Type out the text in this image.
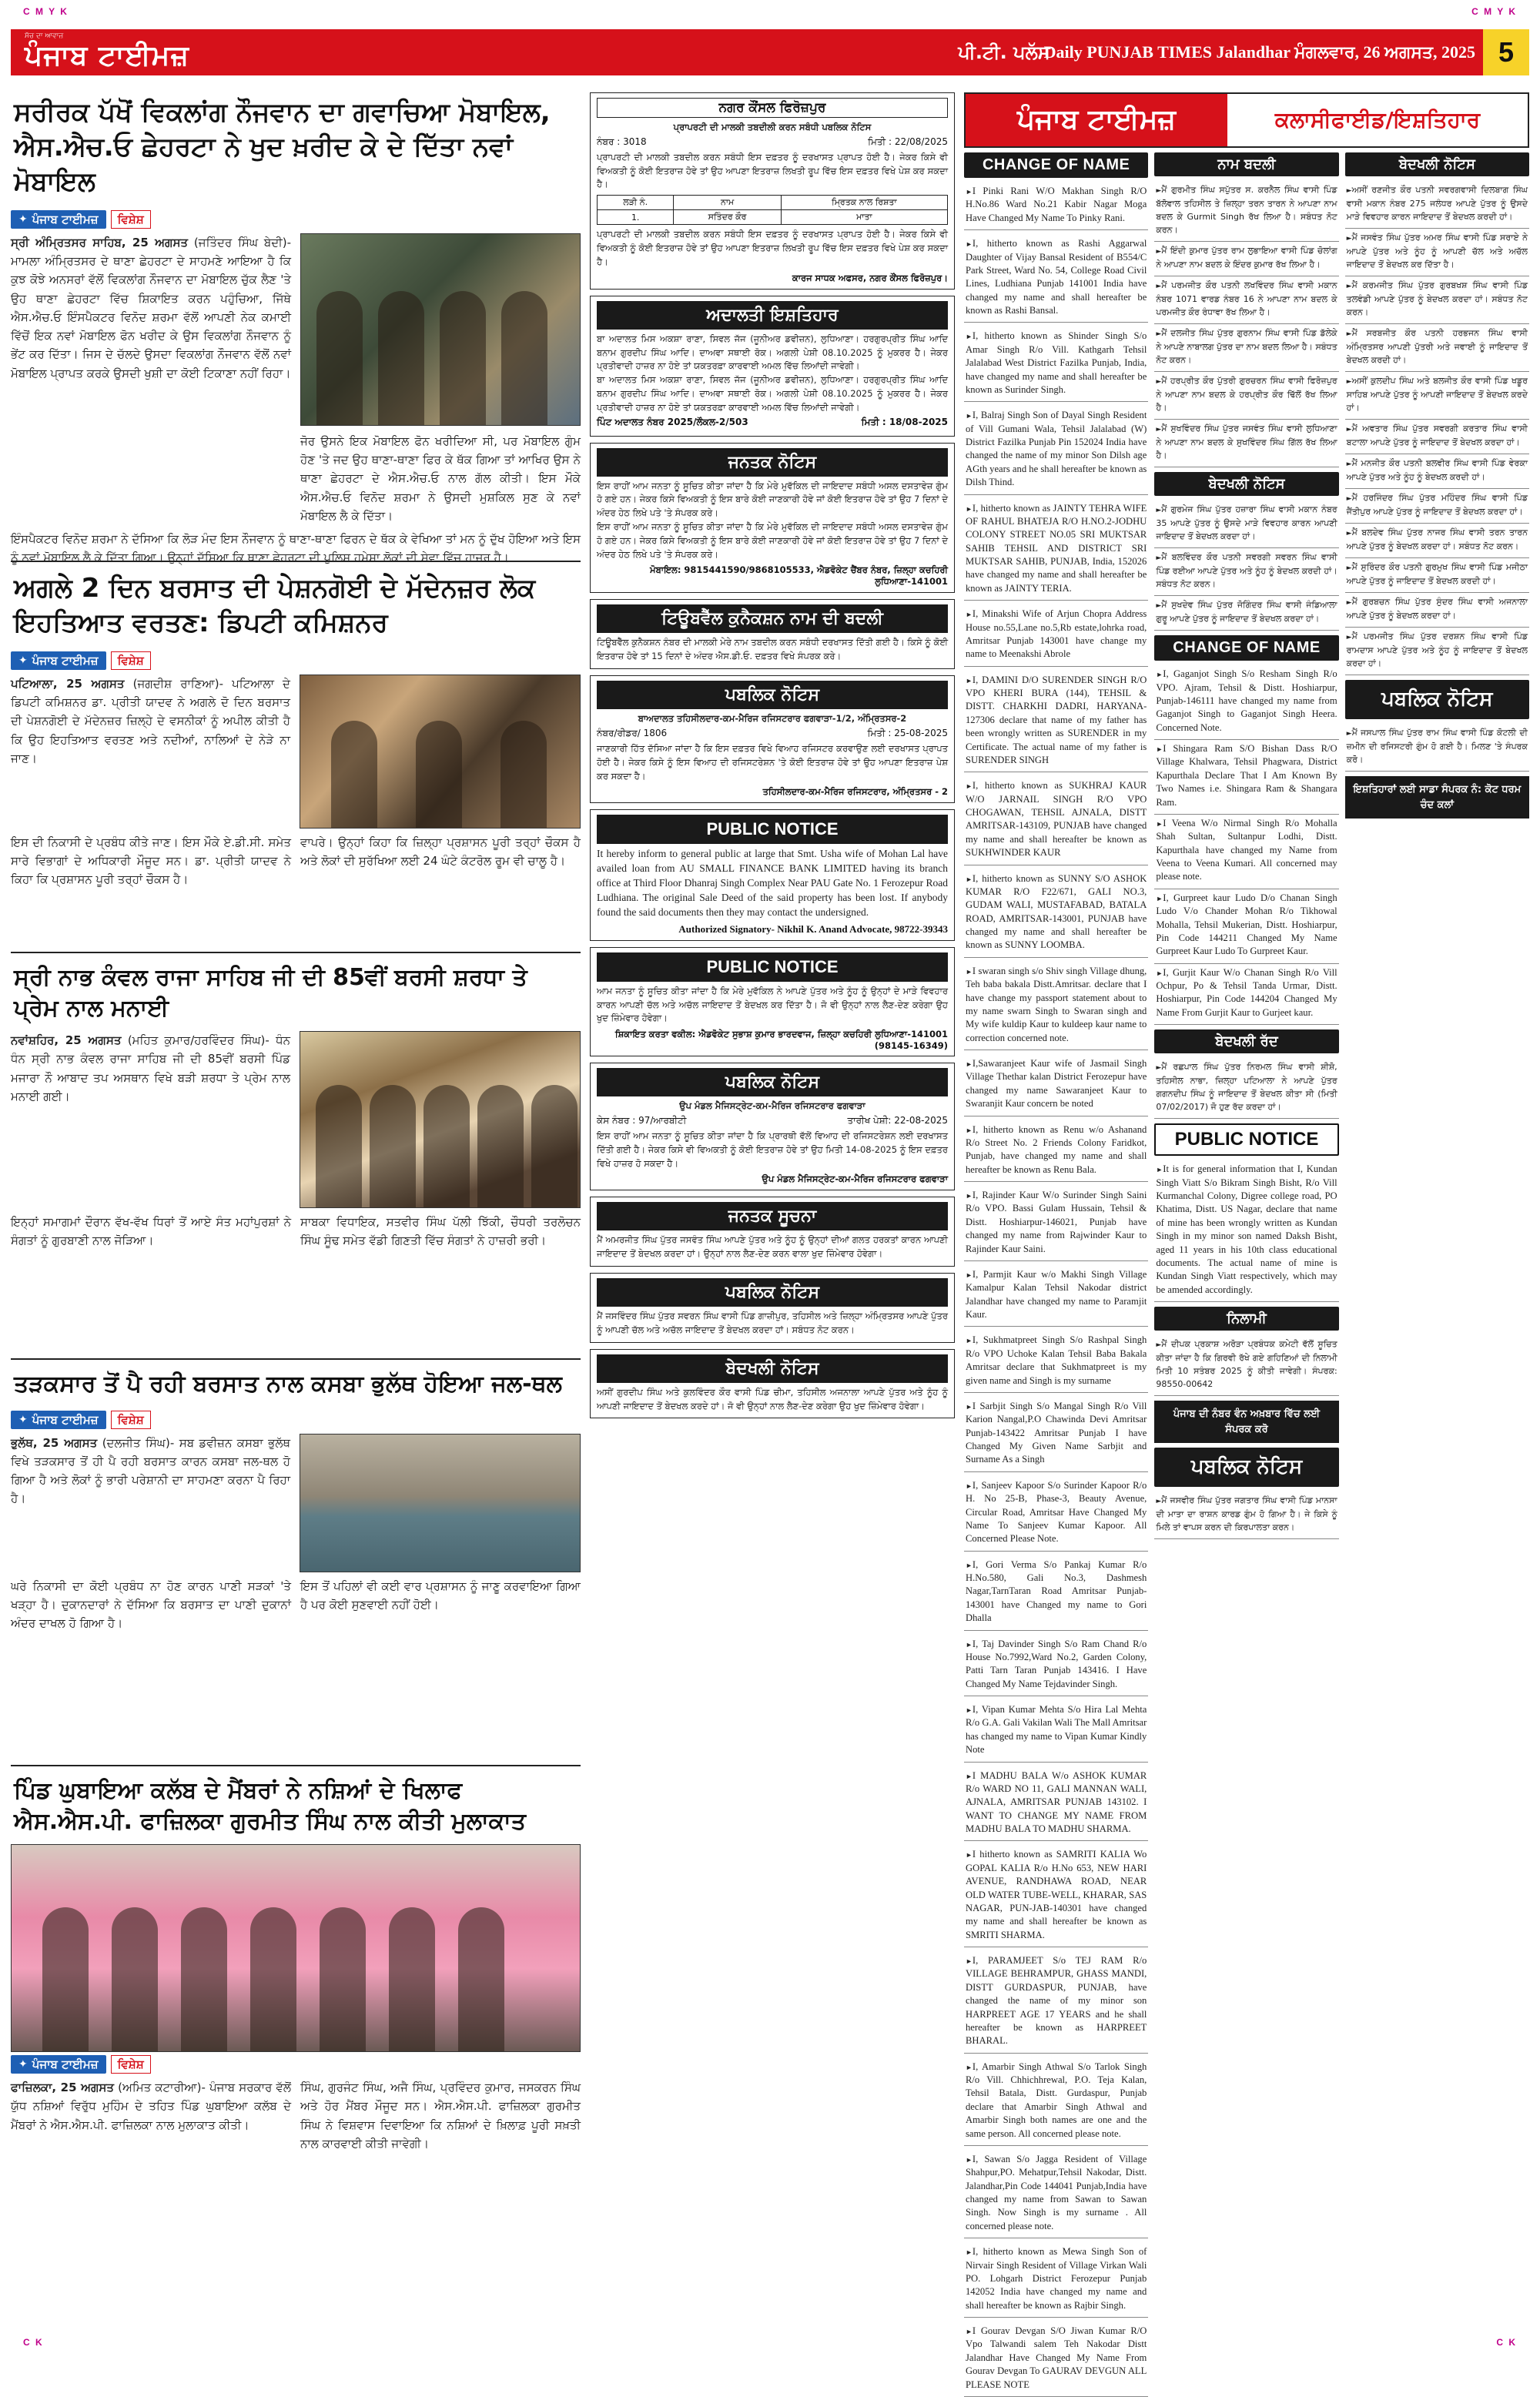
C M Y K	C M Y K
C K	C K
ਸੱਚ ਦਾ ਆਵਾਜ਼
ਪੰਜਾਬ ਟਾਈਮਜ਼	ਪੀ.ਟੀ. ਪਲੱਸ
Daily PUNJAB TIMES Jalandhar ਮੰਗਲਵਾਰ, 26 ਅਗਸਤ, 2025 5
ਸਰੀਰਕ ਪੱਖੋਂ ਵਿਕਲਾਂਗ ਨੌਜਵਾਨ ਦਾ ਗਵਾਚਿਆ ਮੋਬਾਇਲ, ਐਸ.ਐਚ.ਓ ਛੇਹਰਟਾ ਨੇ ਖੁਦ ਖ਼ਰੀਦ ਕੇ ਦੇ ਦਿੱਤਾ ਨਵਾਂ ਮੋਬਾਇਲ
✦ ਪੰਜਾਬ ਟਾਈਮਜ਼	ਵਿਸ਼ੇਸ਼
ਸ੍ਰੀ ਅੰਮ੍ਰਿਤਸਰ ਸਾਹਿਬ, 25 ਅਗਸਤ (ਜਤਿੰਦਰ ਸਿੰਘ ਬੇਦੀ)- ਮਾਮਲਾ ਅੰਮ੍ਰਿਤਸਰ ਦੇ ਥਾਣਾ ਛੇਹਰਟਾ ਦੇ ਸਾਹਮਣੇ ਆਇਆ ਹੈ ਕਿ ਕੁਝ ਕੋਝੇ ਅਨਸਰਾਂ ਵੱਲੋਂ ਵਿਕਲਾਂਗ ਨੌਜਵਾਨ ਦਾ ਮੋਬਾਇਲ ਚੁੱਕ ਲੈਣ 'ਤੇ ਉਹ ਥਾਣਾ ਛੇਹਰਟਾ ਵਿੱਚ ਸ਼ਿਕਾਇਤ ਕਰਨ ਪਹੁੰਚਿਆ, ਜਿੱਥੇ ਐਸ.ਐਚ.ਓ ਇੰਸਪੈਕਟਰ ਵਿਨੋਦ ਸ਼ਰਮਾ ਵੱਲੋਂ ਆਪਣੀ ਨੇਕ ਕਮਾਈ ਵਿੱਚੋਂ ਇਕ ਨਵਾਂ ਮੋਬਾਇਲ ਫੋਨ ਖਰੀਦ ਕੇ ਉਸ ਵਿਕਲਾਂਗ ਨੌਜਵਾਨ ਨੂੰ ਭੇਂਟ ਕਰ ਦਿੱਤਾ। ਜਿਸ ਦੇ ਚੱਲਦੇ ਉਸਦਾ ਵਿਕਲਾਂਗ ਨੌਜਵਾਨ ਵੱਲੋਂ ਨਵਾਂ ਮੋਬਾਇਲ ਪ੍ਰਾਪਤ ਕਰਕੇ ਉਸਦੀ ਖੁਸ਼ੀ ਦਾ ਕੋਈ ਟਿਕਾਣਾ ਨਹੀਂ ਰਿਹਾ।
ਜੋਰ ਉਸਨੇ ਇਕ ਮੋਬਾਇਲ ਫੋਨ ਖਰੀਦਿਆ ਸੀ, ਪਰ ਮੋਬਾਇਲ ਗੁੰਮ ਹੋਣ 'ਤੇ ਜਦ ਉਹ ਥਾਣਾ-ਥਾਣਾ ਫਿਰ ਕੇ ਥੱਕ ਗਿਆ ਤਾਂ ਆਖਿਰ ਉਸ ਨੇ ਥਾਣਾ ਛੇਹਰਟਾ ਦੇ ਐਸ.ਐਚ.ਓ ਨਾਲ ਗੱਲ ਕੀਤੀ। ਇਸ ਮੌਕੇ ਐਸ.ਐਚ.ਓ ਵਿਨੋਦ ਸ਼ਰਮਾ ਨੇ ਉਸਦੀ ਮੁਸ਼ਕਿਲ ਸੁਣ ਕੇ ਨਵਾਂ ਮੋਬਾਇਲ ਲੈ ਕੇ ਦਿੱਤਾ।
ਇੰਸਪੈਕਟਰ ਵਿਨੋਦ ਸ਼ਰਮਾ ਨੇ ਦੱਸਿਆ ਕਿ ਲੋੜ ਮੰਦ ਇਸ ਨੌਜਵਾਨ ਨੂੰ ਥਾਣਾ-ਥਾਣਾ ਫਿਰਨ ਦੇ ਥੱਕ ਕੇ ਵੇਖਿਆ ਤਾਂ ਮਨ ਨੂੰ ਦੁੱਖ ਹੋਇਆ ਅਤੇ ਇਸ ਨੂੰ ਨਵਾਂ ਮੋਬਾਇਲ ਲੈ ਕੇ ਦਿੱਤਾ ਗਿਆ। ਉਨ੍ਹਾਂ ਦੱਸਿਆ ਕਿ ਥਾਣਾ ਛੇਹਰਟਾ ਦੀ ਪੁਲਿਸ ਹਮੇਸ਼ਾ ਲੋਕਾਂ ਦੀ ਸੇਵਾ ਵਿੱਚ ਹਾਜ਼ਰ ਹੈ।
ਅਗਲੇ 2 ਦਿਨ ਬਰਸਾਤ ਦੀ ਪੇਸ਼ਨਗੋਈ ਦੇ ਮੱਦੇਨਜ਼ਰ ਲੋਕ ਇਹਤਿਆਤ ਵਰਤਣ: ਡਿਪਟੀ ਕਮਿਸ਼ਨਰ
✦ ਪੰਜਾਬ ਟਾਈਮਜ਼	ਵਿਸ਼ੇਸ਼
ਪਟਿਆਲਾ, 25 ਅਗਸਤ (ਜਗਦੀਸ਼ ਰਾਣਿਆ)- ਪਟਿਆਲਾ ਦੇ ਡਿਪਟੀ ਕਮਿਸ਼ਨਰ ਡਾ. ਪ੍ਰੀਤੀ ਯਾਦਵ ਨੇ ਅਗਲੇ ਦੋ ਦਿਨ ਬਰਸਾਤ ਦੀ ਪੇਸ਼ਨਗੋਈ ਦੇ ਮੱਦੇਨਜ਼ਰ ਜ਼ਿਲ੍ਹੇ ਦੇ ਵਸਨੀਕਾਂ ਨੂੰ ਅਪੀਲ ਕੀਤੀ ਹੈ ਕਿ ਉਹ ਇਹਤਿਆਤ ਵਰਤਣ ਅਤੇ ਨਦੀਆਂ, ਨਾਲਿਆਂ ਦੇ ਨੇੜੇ ਨਾ ਜਾਣ।
ਇਸ ਦੀ ਨਿਕਾਸੀ ਦੇ ਪ੍ਰਬੰਧ ਕੀਤੇ ਜਾਣ। ਇਸ ਮੌਕੇ ਏ.ਡੀ.ਸੀ. ਸਮੇਤ ਸਾਰੇ ਵਿਭਾਗਾਂ ਦੇ ਅਧਿਕਾਰੀ ਮੌਜੂਦ ਸਨ। ਡਾ. ਪ੍ਰੀਤੀ ਯਾਦਵ ਨੇ ਕਿਹਾ ਕਿ ਪ੍ਰਸ਼ਾਸਨ ਪੂਰੀ ਤਰ੍ਹਾਂ ਚੌਕਸ ਹੈ।
ਵਾਪਰੇ। ਉਨ੍ਹਾਂ ਕਿਹਾ ਕਿ ਜ਼ਿਲ੍ਹਾ ਪ੍ਰਸ਼ਾਸਨ ਪੂਰੀ ਤਰ੍ਹਾਂ ਚੌਕਸ ਹੈ ਅਤੇ ਲੋਕਾਂ ਦੀ ਸੁਰੱਖਿਆ ਲਈ 24 ਘੰਟੇ ਕੰਟਰੋਲ ਰੂਮ ਵੀ ਚਾਲੂ ਹੈ।
ਸ੍ਰੀ ਨਾਭ ਕੰਵਲ ਰਾਜਾ ਸਾਹਿਬ ਜੀ ਦੀ 85ਵੀਂ ਬਰਸੀ ਸ਼ਰਧਾ ਤੇ ਪ੍ਰੇਮ ਨਾਲ ਮਨਾਈ
ਨਵਾਂਸ਼ਹਿਰ, 25 ਅਗਸਤ (ਮਹਿਤ ਕੁਮਾਰ/ਹਰਵਿੰਦਰ ਸਿੰਘ)- ਧੰਨ ਧੰਨ ਸ੍ਰੀ ਨਾਭ ਕੰਵਲ ਰਾਜਾ ਸਾਹਿਬ ਜੀ ਦੀ 85ਵੀਂ ਬਰਸੀ ਪਿੰਡ ਮਜਾਰਾ ਨੌ ਆਬਾਦ ਤਪ ਅਸਥਾਨ ਵਿਖੇ ਬੜੀ ਸ਼ਰਧਾ ਤੇ ਪ੍ਰੇਮ ਨਾਲ ਮਨਾਈ ਗਈ।
ਇਨ੍ਹਾਂ ਸਮਾਗਮਾਂ ਦੌਰਾਨ ਵੱਖ-ਵੱਖ ਧਿਰਾਂ ਤੋਂ ਆਏ ਸੰਤ ਮਹਾਂਪੁਰਸ਼ਾਂ ਨੇ ਸੰਗਤਾਂ ਨੂੰ ਗੁਰਬਾਣੀ ਨਾਲ ਜੋੜਿਆ।
ਸਾਬਕਾ ਵਿਧਾਇਕ, ਸਤਵੀਰ ਸਿੰਘ ਪੱਲੀ ਝਿੱਕੀ, ਚੌਧਰੀ ਤਰਲੋਚਨ ਸਿੰਘ ਸੂੰਢ ਸਮੇਤ ਵੱਡੀ ਗਿਣਤੀ ਵਿੱਚ ਸੰਗਤਾਂ ਨੇ ਹਾਜ਼ਰੀ ਭਰੀ।
ਤੜਕਸਾਰ ਤੋਂ ਪੈ ਰਹੀ ਬਰਸਾਤ ਨਾਲ ਕਸਬਾ ਭੁਲੱਥ ਹੋਇਆ ਜਲ-ਥਲ
✦ ਪੰਜਾਬ ਟਾਈਮਜ਼	ਵਿਸ਼ੇਸ਼
ਭੁਲੱਥ, 25 ਅਗਸਤ (ਦਲਜੀਤ ਸਿੰਘ)- ਸਬ ਡਵੀਜ਼ਨ ਕਸਬਾ ਭੁਲੱਥ ਵਿਖੇ ਤੜਕਸਾਰ ਤੋਂ ਹੀ ਪੈ ਰਹੀ ਬਰਸਾਤ ਕਾਰਨ ਕਸਬਾ ਜਲ-ਥਲ ਹੋ ਗਿਆ ਹੈ ਅਤੇ ਲੋਕਾਂ ਨੂੰ ਭਾਰੀ ਪਰੇਸ਼ਾਨੀ ਦਾ ਸਾਹਮਣਾ ਕਰਨਾ ਪੈ ਰਿਹਾ ਹੈ।
ਘਰੇ ਨਿਕਾਸੀ ਦਾ ਕੋਈ ਪ੍ਰਬੰਧ ਨਾ ਹੋਣ ਕਾਰਨ ਪਾਣੀ ਸੜਕਾਂ 'ਤੇ ਖੜ੍ਹਾ ਹੈ। ਦੁਕਾਨਦਾਰਾਂ ਨੇ ਦੱਸਿਆ ਕਿ ਬਰਸਾਤ ਦਾ ਪਾਣੀ ਦੁਕਾਨਾਂ ਅੰਦਰ ਦਾਖਲ ਹੋ ਗਿਆ ਹੈ।
ਇਸ ਤੋਂ ਪਹਿਲਾਂ ਵੀ ਕਈ ਵਾਰ ਪ੍ਰਸ਼ਾਸਨ ਨੂੰ ਜਾਣੂ ਕਰਵਾਇਆ ਗਿਆ ਹੈ ਪਰ ਕੋਈ ਸੁਣਵਾਈ ਨਹੀਂ ਹੋਈ।
ਪਿੰਡ ਘੁਬਾਇਆ ਕਲੱਬ ਦੇ ਮੈਂਬਰਾਂ ਨੇ ਨਸ਼ਿਆਂ ਦੇ ਖਿਲਾਫ ਐਸ.ਐਸ.ਪੀ. ਫਾਜ਼ਿਲਕਾ ਗੁਰਮੀਤ ਸਿੰਘ ਨਾਲ ਕੀਤੀ ਮੁਲਾਕਾਤ
✦ ਪੰਜਾਬ ਟਾਈਮਜ਼	ਵਿਸ਼ੇਸ਼
ਫਾਜ਼ਿਲਕਾ, 25 ਅਗਸਤ (ਅਮਿਤ ਕਟਾਰੀਆ)- ਪੰਜਾਬ ਸਰਕਾਰ ਵੱਲੋਂ ਯੁੱਧ ਨਸ਼ਿਆਂ ਵਿਰੁੱਧ ਮੁਹਿੰਮ ਦੇ ਤਹਿਤ ਪਿੰਡ ਘੁਬਾਇਆ ਕਲੱਬ ਦੇ ਮੈਂਬਰਾਂ ਨੇ ਐਸ.ਐਸ.ਪੀ. ਫਾਜ਼ਿਲਕਾ ਨਾਲ ਮੁਲਾਕਾਤ ਕੀਤੀ।
ਸਿੰਘ, ਗੁਰਜੰਟ ਸਿੰਘ, ਅਜੈ ਸਿੰਘ, ਪ੍ਰਵਿੰਦਰ ਕੁਮਾਰ, ਜਸਕਰਨ ਸਿੰਘ ਅਤੇ ਹੋਰ ਮੈਂਬਰ ਮੌਜੂਦ ਸਨ। ਐਸ.ਐਸ.ਪੀ. ਫਾਜ਼ਿਲਕਾ ਗੁਰਮੀਤ ਸਿੰਘ ਨੇ ਵਿਸ਼ਵਾਸ ਦਿਵਾਇਆ ਕਿ ਨਸ਼ਿਆਂ ਦੇ ਖ਼ਿਲਾਫ਼ ਪੂਰੀ ਸਖ਼ਤੀ ਨਾਲ ਕਾਰਵਾਈ ਕੀਤੀ ਜਾਵੇਗੀ।
ਨਗਰ ਕੌਂਸਲ ਫਿਰੋਜ਼ਪੁਰ
ਪ੍ਰਾਪਰਟੀ ਦੀ ਮਾਲਕੀ ਤਬਦੀਲੀ ਕਰਨ ਸਬੰਧੀ ਪਬਲਿਕ ਨੋਟਿਸ
ਨੰਬਰ : 3018	ਮਿਤੀ : 22/08/2025
ਪ੍ਰਾਪਰਟੀ ਦੀ ਮਾਲਕੀ ਤਬਦੀਲ ਕਰਨ ਸਬੰਧੀ ਇਸ ਦਫ਼ਤਰ ਨੂੰ ਦਰਖਾਸਤ ਪ੍ਰਾਪਤ ਹੋਈ ਹੈ। ਜੇਕਰ ਕਿਸੇ ਵੀ ਵਿਅਕਤੀ ਨੂੰ ਕੋਈ ਇਤਰਾਜ਼ ਹੋਵੇ ਤਾਂ ਉਹ ਆਪਣਾ ਇਤਰਾਜ਼ ਲਿਖਤੀ ਰੂਪ ਵਿੱਚ ਇਸ ਦਫ਼ਤਰ ਵਿਖੇ ਪੇਸ਼ ਕਰ ਸਕਦਾ ਹੈ।
ਲੜੀ ਨੰ.	ਨਾਮ	ਮ੍ਰਿਤਕ ਨਾਲ ਰਿਸ਼ਤਾ
1.	ਸਤਿੰਦਰ ਕੌਰ	ਮਾਤਾ
ਪ੍ਰਾਪਰਟੀ ਦੀ ਮਾਲਕੀ ਤਬਦੀਲ ਕਰਨ ਸਬੰਧੀ ਇਸ ਦਫ਼ਤਰ ਨੂੰ ਦਰਖਾਸਤ ਪ੍ਰਾਪਤ ਹੋਈ ਹੈ। ਜੇਕਰ ਕਿਸੇ ਵੀ ਵਿਅਕਤੀ ਨੂੰ ਕੋਈ ਇਤਰਾਜ਼ ਹੋਵੇ ਤਾਂ ਉਹ ਆਪਣਾ ਇਤਰਾਜ਼ ਲਿਖਤੀ ਰੂਪ ਵਿੱਚ ਇਸ ਦਫ਼ਤਰ ਵਿਖੇ ਪੇਸ਼ ਕਰ ਸਕਦਾ ਹੈ।
ਕਾਰਜ ਸਾਧਕ ਅਫਸਰ, ਨਗਰ ਕੌਂਸਲ ਫਿਰੋਜ਼ਪੁਰ।
ਅਦਾਲਤੀ ਇਸ਼ਤਿਹਾਰ
ਬਾ ਅਦਾਲਤ ਮਿਸ ਅਕਸ਼ਾ ਰਾਣਾ, ਸਿਵਲ ਜੱਜ (ਜੂਨੀਅਰ ਡਵੀਜ਼ਨ), ਲੁਧਿਆਣਾ। ਹਰਗੁਰਪ੍ਰੀਤ ਸਿੰਘ ਆਦਿ ਬਨਾਮ ਗੁਰਦੀਪ ਸਿੰਘ ਆਦਿ। ਦਾਅਵਾ ਸਥਾਈ ਰੋਕ। ਅਗਲੀ ਪੇਸ਼ੀ 08.10.2025 ਨੂੰ ਮੁਕਰਰ ਹੈ। ਜੇਕਰ ਪ੍ਰਤੀਵਾਦੀ ਹਾਜ਼ਰ ਨਾ ਹੋਏ ਤਾਂ ਯਕਤਰਫ਼ਾ ਕਾਰਵਾਈ ਅਮਲ ਵਿੱਚ ਲਿਆਂਦੀ ਜਾਵੇਗੀ।
ਬਾ ਅਦਾਲਤ ਮਿਸ ਅਕਸ਼ਾ ਰਾਣਾ, ਸਿਵਲ ਜੱਜ (ਜੂਨੀਅਰ ਡਵੀਜ਼ਨ), ਲੁਧਿਆਣਾ। ਹਰਗੁਰਪ੍ਰੀਤ ਸਿੰਘ ਆਦਿ ਬਨਾਮ ਗੁਰਦੀਪ ਸਿੰਘ ਆਦਿ। ਦਾਅਵਾ ਸਥਾਈ ਰੋਕ। ਅਗਲੀ ਪੇਸ਼ੀ 08.10.2025 ਨੂੰ ਮੁਕਰਰ ਹੈ। ਜੇਕਰ ਪ੍ਰਤੀਵਾਦੀ ਹਾਜ਼ਰ ਨਾ ਹੋਏ ਤਾਂ ਯਕਤਰਫ਼ਾ ਕਾਰਵਾਈ ਅਮਲ ਵਿੱਚ ਲਿਆਂਦੀ ਜਾਵੇਗੀ।
ਪਿੰਟ ਅਦਾਲਤ ਨੰਬਰ 2025/ਲੌਕਲ-2/503	ਮਿਤੀ : 18/08-2025
ਜਨਤਕ ਨੋਟਿਸ
ਇਸ ਰਾਹੀਂ ਆਮ ਜਨਤਾ ਨੂੰ ਸੂਚਿਤ ਕੀਤਾ ਜਾਂਦਾ ਹੈ ਕਿ ਮੇਰੇ ਮੁਵੱਕਿਲ ਦੀ ਜਾਇਦਾਦ ਸਬੰਧੀ ਅਸਲ ਦਸਤਾਵੇਜ਼ ਗੁੰਮ ਹੋ ਗਏ ਹਨ। ਜੇਕਰ ਕਿਸੇ ਵਿਅਕਤੀ ਨੂੰ ਇਸ ਬਾਰੇ ਕੋਈ ਜਾਣਕਾਰੀ ਹੋਵੇ ਜਾਂ ਕੋਈ ਇਤਰਾਜ਼ ਹੋਵੇ ਤਾਂ ਉਹ 7 ਦਿਨਾਂ ਦੇ ਅੰਦਰ ਹੇਠ ਲਿਖੇ ਪਤੇ 'ਤੇ ਸੰਪਰਕ ਕਰੇ।
ਇਸ ਰਾਹੀਂ ਆਮ ਜਨਤਾ ਨੂੰ ਸੂਚਿਤ ਕੀਤਾ ਜਾਂਦਾ ਹੈ ਕਿ ਮੇਰੇ ਮੁਵੱਕਿਲ ਦੀ ਜਾਇਦਾਦ ਸਬੰਧੀ ਅਸਲ ਦਸਤਾਵੇਜ਼ ਗੁੰਮ ਹੋ ਗਏ ਹਨ। ਜੇਕਰ ਕਿਸੇ ਵਿਅਕਤੀ ਨੂੰ ਇਸ ਬਾਰੇ ਕੋਈ ਜਾਣਕਾਰੀ ਹੋਵੇ ਜਾਂ ਕੋਈ ਇਤਰਾਜ਼ ਹੋਵੇ ਤਾਂ ਉਹ 7 ਦਿਨਾਂ ਦੇ ਅੰਦਰ ਹੇਠ ਲਿਖੇ ਪਤੇ 'ਤੇ ਸੰਪਰਕ ਕਰੇ।
ਮੋਬਾਇਲ: 9815441590/9868105533, ਐਡਵੋਕੇਟ ਚੈਂਬਰ ਨੰਬਰ, ਜ਼ਿਲ੍ਹਾ ਕਚਹਿਰੀ ਲੁਧਿਆਣਾ-141001
ਟਿਊਬਵੈੱਲ ਕੁਨੈਕਸ਼ਨ ਨਾਮ ਦੀ ਬਦਲੀ
ਟਿਊਬਵੈੱਲ ਕੁਨੈਕਸ਼ਨ ਨੰਬਰ ਦੀ ਮਾਲਕੀ ਮੇਰੇ ਨਾਮ ਤਬਦੀਲ ਕਰਨ ਸਬੰਧੀ ਦਰਖਾਸਤ ਦਿੱਤੀ ਗਈ ਹੈ। ਕਿਸੇ ਨੂੰ ਕੋਈ ਇਤਰਾਜ਼ ਹੋਵੇ ਤਾਂ 15 ਦਿਨਾਂ ਦੇ ਅੰਦਰ ਐਸ.ਡੀ.ਓ. ਦਫ਼ਤਰ ਵਿਖੇ ਸੰਪਰਕ ਕਰੇ।
ਪਬਲਿਕ ਨੋਟਿਸ
ਬਾਅਦਾਲਤ ਤਹਿਸੀਲਦਾਰ-ਕਮ-ਮੈਰਿਜ ਰਜਿਸਟਰਾਰ ਫਗਵਾੜਾ-1/2, ਅੰਮ੍ਰਿਤਸਰ-2
ਨੰਬਰ/ਰੀਡਰ/ 1806	ਮਿਤੀ : 25-08-2025
ਜਾਣਕਾਰੀ ਹਿੱਤ ਦੱਸਿਆ ਜਾਂਦਾ ਹੈ ਕਿ ਇਸ ਦਫ਼ਤਰ ਵਿਖੇ ਵਿਆਹ ਰਜਿਸਟਰ ਕਰਵਾਉਣ ਲਈ ਦਰਖਾਸਤ ਪ੍ਰਾਪਤ ਹੋਈ ਹੈ। ਜੇਕਰ ਕਿਸੇ ਨੂੰ ਇਸ ਵਿਆਹ ਦੀ ਰਜਿਸਟਰੇਸ਼ਨ 'ਤੇ ਕੋਈ ਇਤਰਾਜ਼ ਹੋਵੇ ਤਾਂ ਉਹ ਆਪਣਾ ਇਤਰਾਜ਼ ਪੇਸ਼ ਕਰ ਸਕਦਾ ਹੈ।
ਤਹਿਸੀਲਦਾਰ-ਕਮ-ਮੈਰਿਜ ਰਜਿਸਟਰਾਰ, ਅੰਮ੍ਰਿਤਸਰ - 2
PUBLIC NOTICE
It hereby inform to general public at large that Smt. Usha wife of Mohan Lal have availed loan from AU SMALL FINANCE BANK LIMITED having its branch office at Third Floor Dhanraj Singh Complex Near PAU Gate No. 1 Ferozepur Road Ludhiana. The original Sale Deed of the said property has been lost. If anybody found the said documents then they may contact the undersigned.
Authorized Signatory- Nikhil K. Anand Advocate, 98722-39343
PUBLIC NOTICE
ਆਮ ਜਨਤਾ ਨੂੰ ਸੂਚਿਤ ਕੀਤਾ ਜਾਂਦਾ ਹੈ ਕਿ ਮੇਰੇ ਮੁਵੱਕਿਲ ਨੇ ਆਪਣੇ ਪੁੱਤਰ ਅਤੇ ਨੂੰਹ ਨੂੰ ਉਨ੍ਹਾਂ ਦੇ ਮਾੜੇ ਵਿਵਹਾਰ ਕਾਰਨ ਆਪਣੀ ਚੱਲ ਅਤੇ ਅਚੱਲ ਜਾਇਦਾਦ ਤੋਂ ਬੇਦਖਲ ਕਰ ਦਿੱਤਾ ਹੈ। ਜੋ ਵੀ ਉਨ੍ਹਾਂ ਨਾਲ ਲੈਣ-ਦੇਣ ਕਰੇਗਾ ਉਹ ਖੁਦ ਜ਼ਿੰਮੇਵਾਰ ਹੋਵੇਗਾ।
ਸ਼ਿਕਾਇਤ ਕਰਤਾ ਵਕੀਲ: ਐਡਵੋਕੇਟ ਸੁਭਾਸ਼ ਕੁਮਾਰ ਭਾਰਦਵਾਜ, ਜ਼ਿਲ੍ਹਾ ਕਚਹਿਰੀ ਲੁਧਿਆਣਾ-141001 (98145-16349)
ਪਬਲਿਕ ਨੋਟਿਸ
ਉਪ ਮੰਡਲ ਮੈਜਿਸਟ੍ਰੇਟ-ਕਮ-ਮੈਰਿਜ ਰਜਿਸਟਰਾਰ ਫਗਵਾੜਾ
ਕੇਸ ਨੰਬਰ : 97/ਆਰਬੀਟੀ	ਤਾਰੀਖ ਪੇਸ਼ੀ: 22-08-2025
ਇਸ ਰਾਹੀਂ ਆਮ ਜਨਤਾ ਨੂੰ ਸੂਚਿਤ ਕੀਤਾ ਜਾਂਦਾ ਹੈ ਕਿ ਪ੍ਰਾਰਥੀ ਵੱਲੋਂ ਵਿਆਹ ਦੀ ਰਜਿਸਟਰੇਸ਼ਨ ਲਈ ਦਰਖਾਸਤ ਦਿੱਤੀ ਗਈ ਹੈ। ਜੇਕਰ ਕਿਸੇ ਵੀ ਵਿਅਕਤੀ ਨੂੰ ਕੋਈ ਇਤਰਾਜ਼ ਹੋਵੇ ਤਾਂ ਉਹ ਮਿਤੀ 14-08-2025 ਨੂੰ ਇਸ ਦਫ਼ਤਰ ਵਿਖੇ ਹਾਜ਼ਰ ਹੋ ਸਕਦਾ ਹੈ।
ਉਪ ਮੰਡਲ ਮੈਜਿਸਟ੍ਰੇਟ-ਕਮ-ਮੈਰਿਜ ਰਜਿਸਟਰਾਰ ਫਗਵਾੜਾ
ਜਨਤਕ ਸੂਚਨਾ
ਮੈਂ ਅਮਰਜੀਤ ਸਿੰਘ ਪੁੱਤਰ ਜਸਵੰਤ ਸਿੰਘ ਆਪਣੇ ਪੁੱਤਰ ਅਤੇ ਨੂੰਹ ਨੂੰ ਉਨ੍ਹਾਂ ਦੀਆਂ ਗਲਤ ਹਰਕਤਾਂ ਕਾਰਨ ਆਪਣੀ ਜਾਇਦਾਦ ਤੋਂ ਬੇਦਖਲ ਕਰਦਾ ਹਾਂ। ਉਨ੍ਹਾਂ ਨਾਲ ਲੈਣ-ਦੇਣ ਕਰਨ ਵਾਲਾ ਖੁਦ ਜ਼ਿੰਮੇਵਾਰ ਹੋਵੇਗਾ।
ਪਬਲਿਕ ਨੋਟਿਸ
ਮੈਂ ਜਸਵਿੰਦਰ ਸਿੰਘ ਪੁੱਤਰ ਸਵਰਨ ਸਿੰਘ ਵਾਸੀ ਪਿੰਡ ਗਾਜ਼ੀਪੁਰ, ਤਹਿਸੀਲ ਅਤੇ ਜ਼ਿਲ੍ਹਾ ਅੰਮ੍ਰਿਤਸਰ ਆਪਣੇ ਪੁੱਤਰ ਨੂੰ ਆਪਣੀ ਚੱਲ ਅਤੇ ਅਚੱਲ ਜਾਇਦਾਦ ਤੋਂ ਬੇਦਖਲ ਕਰਦਾ ਹਾਂ। ਸਬੰਧਤ ਨੋਟ ਕਰਨ।
ਬੇਦਖਲੀ ਨੋਟਿਸ
ਅਸੀਂ ਗੁਰਦੀਪ ਸਿੰਘ ਅਤੇ ਕੁਲਵਿੰਦਰ ਕੌਰ ਵਾਸੀ ਪਿੰਡ ਚੀਮਾ, ਤਹਿਸੀਲ ਅਜਨਾਲਾ ਆਪਣੇ ਪੁੱਤਰ ਅਤੇ ਨੂੰਹ ਨੂੰ ਆਪਣੀ ਜਾਇਦਾਦ ਤੋਂ ਬੇਦਖਲ ਕਰਦੇ ਹਾਂ। ਜੋ ਵੀ ਉਨ੍ਹਾਂ ਨਾਲ ਲੈਣ-ਦੇਣ ਕਰੇਗਾ ਉਹ ਖੁਦ ਜ਼ਿੰਮੇਵਾਰ ਹੋਵੇਗਾ।
ਪੰਜਾਬ ਟਾਈਮਜ਼	ਕਲਾਸੀਫਾਈਡ/ਇਸ਼ਤਿਹਾਰ
CHANGE OF NAME
► I Pinki Rani W/O Makhan Singh R/O H.No.86 Ward No.21 Kabir Nagar Moga Have Changed My Name To Pinky Rani.
► I, hitherto known as Rashi Aggarwal Daughter of Vijay Bansal Resident of B554/C Park Street, Ward No. 54, College Road Civil Lines, Ludhiana Punjab 141001 India have changed my name and shall hereafter be known as Rashi Bansal.
► I, hitherto known as Shinder Singh S/o Amar Singh R/o Vill. Kathgarh Tehsil Jalalabad West District Fazilka Punjab, India, have changed my name and shall hereafter be known as Surinder Singh.
► I, Balraj Singh Son of Dayal Singh Resident of Vill Gumani Wala, Tehsil Jalalabad (W) District Fazilka Punjab Pin 152024 India have changed the name of my minor Son Dilsh age AGth years and he shall hereafter be known as Dilsh Thind.
► I, hitherto known as JAINTY TEHRA WIFE OF RAHUL BHATEJA R/O H.NO.2-JODHU COLONY STREET NO.05 SRI MUKTSAR SAHIB TEHSIL AND DISTRICT SRI MUKTSAR SAHIB, PUNJAB, India, 152026 have changed my name and shall hereafter be known as JAINTY TERIA.
► I, Minakshi Wife of Arjun Chopra Address House no.55,Lane no.5,Rb estate,lohrka road, Amritsar Punjab 143001 have change my name to Meenakshi Abrole
► I, DAMINI D/O SURENDER SINGH R/O VPO KHERI BURA (144), TEHSIL & DISTT. CHARKHI DADRI, HARYANA-127306 declare that name of my father has been wrongly written as SURENDER in my Certificate. The actual name of my father is SURENDER SINGH
► I, hitherto known as SUKHRAJ KAUR W/O JARNAIL SINGH R/O VPO CHOGAWAN, TEHSIL AJNALA, DISTT AMRITSAR-143109, PUNJAB have changed my name and shall hereafter be known as SUKHWINDER KAUR
► I, hitherto known as SUNNY S/O ASHOK KUMAR R/O F22/671, GALI NO.3, GUDAM WALI, MUSTAFABAD, BATALA ROAD, AMRITSAR-143001, PUNJAB have changed my name and shall hereafter be known as SUNNY LOOMBA.
► I swaran singh s/o Shiv singh Village dhung, Teh baba bakala Distt.Amritsar. declare that I have change my passport statement about to my name swarn Singh to Swaran singh and My wife kuldip Kaur to kuldeep kaur name to correction concerned note.
► I,Sawaranjeet Kaur wife of Jasmail Singh Village Thethar kalan District Ferozepur have changed my name Sawaranjeet Kaur to Swaranjit Kaur concern be noted
► I, hitherto known as Renu w/o Ashanand R/o Street No. 2 Friends Colony Faridkot, Punjab, have changed my name and shall hereafter be known as Renu Bala.
► I, Rajinder Kaur W/o Surinder Singh Saini R/o VPO. Bassi Gulam Hussain, Tehsil & Distt. Hoshiarpur-146021, Punjab have changed my name from Rajwinder Kaur to Rajinder Kaur Saini.
► I, Parmjit Kaur w/o Makhi Singh Village Kamalpur Kalan Tehsil Nakodar district Jalandhar have changed my name to Paramjit Kaur.
► I, Sukhmatpreet Singh S/o Rashpal Singh R/o VPO Uchoke Kalan Tehsil Baba Bakala Amritsar declare that Sukhmatpreet is my given name and Singh is my surname
► I Sarbjit Singh S/o Mangal Singh R/o Vill Karion Nangal,P.O Chawinda Devi Amritsar Punjab-143422 Amritsar Punjab I have Changed My Given Name Sarbjit and Surname As a Singh
► I, Sanjeev Kapoor S/o Surinder Kapoor R/o H. No 25-B, Phase-3, Beauty Avenue, Circular Road, Amritsar Have Changed My Name To Sanjeev Kumar Kapoor. All Concerned Please Note.
► I, Gori Verma S/o Pankaj Kumar R/o H.No.580, Gali No.3, Dashmesh Nagar,TarnTaran Road Amritsar Punjab-143001 have Changed my name to Gori Dhalla
► I, Taj Davinder Singh S/o Ram Chand R/o House No.7992,Ward No.2, Garden Colony, Patti Tarn Taran Punjab 143416. I Have Changed My Name Tejdavinder Singh.
► I, Vipan Kumar Mehta S/o Hira Lal Mehta R/o G.A. Gali Vakilan Wali The Mall Amritsar has changed my name to Vipan Kumar Kindly Note
► I MADHU BALA W/o ASHOK KUMAR R/o WARD NO 11, GALI MANNAN WALI, AJNALA, AMRITSAR PUNJAB 143102. I WANT TO CHANGE MY NAME FROM MADHU BALA TO MADHU SHARMA.
► I hitherto known as SAMRITI KALIA Wo GOPAL KALIA R/o H.No 653, NEW HARI AVENUE, RANDHAWA ROAD, NEAR OLD WATER TUBE-WELL, KHARAR, SAS NAGAR, PUN-JAB-140301 have changed my name and shall hereafter be known as SMRITI SHARMA.
► I, PARAMJEET S/o TEJ RAM R/o VILLAGE BEHRAMPUR, GHASS MANDI, DISTT GURDASPUR, PUNJAB, have changed the name of my minor son HARPREET AGE 17 YEARS and he shall hereafter be known as HARPREET BHARAL.
► I, Amarbir Singh Athwal S/o Tarlok Singh R/o Vill. Chhichhrewal, P.O. Teja Kalan, Tehsil Batala, Distt. Gurdaspur, Punjab declare that Amarbir Singh Athwal and Amarbir Singh both names are one and the same person. All concerned please note.
► I, Sawan S/o Jagga Resident of Village Shahpur,PO. Mehatpur,Tehsil Nakodar, Distt. Jalandhar,Pin Code 144041 Punjab,India have changed my name from Sawan to Sawan Singh. Now Singh is my surname . All concerned please note.
► I, hitherto known as Mewa Singh Son of Nirvair Singh Resident of Village Virkan Wali PO. Lohgarh District Ferozepur Punjab 142052 India have changed my name and shall hereafter be known as Rajbir Singh.
► I Gourav Devgan S/O Jiwan Kumar R/O Vpo Talwandi salem Teh Nakodar Distt Jalandhar Have Changed My Name From Gourav Devgan To GAURAV DEVGUN ALL PLEASE NOTE
ਨਾਮ ਬਦਲੀ
► ਮੈਂ ਗੁਰਮੀਤ ਸਿੰਘ ਸਪੁੱਤਰ ਸ. ਕਰਨੈਲ ਸਿੰਘ ਵਾਸੀ ਪਿੰਡ ਬੱਲੋਵਾਲ ਤਹਿਸੀਲ ਤੇ ਜ਼ਿਲ੍ਹਾ ਤਰਨ ਤਾਰਨ ਨੇ ਆਪਣਾ ਨਾਮ ਬਦਲ ਕੇ Gurmit Singh ਰੱਖ ਲਿਆ ਹੈ। ਸਬੰਧਤ ਨੋਟ ਕਰਨ।
► ਮੈਂ ਇੰਦੀ ਕੁਮਾਰ ਪੁੱਤਰ ਰਾਮ ਲੁਭਾਇਆ ਵਾਸੀ ਪਿੰਡ ਚੋਲਾਂਗ ਨੇ ਆਪਣਾ ਨਾਮ ਬਦਲ ਕੇ ਇੰਦਰ ਕੁਮਾਰ ਰੱਖ ਲਿਆ ਹੈ।
► ਮੈਂ ਪਰਮਜੀਤ ਕੌਰ ਪਤਨੀ ਲਖਵਿੰਦਰ ਸਿੰਘ ਵਾਸੀ ਮਕਾਨ ਨੰਬਰ 1071 ਵਾਰਡ ਨੰਬਰ 16 ਨੇ ਆਪਣਾ ਨਾਮ ਬਦਲ ਕੇ ਪਰਮਜੀਤ ਕੌਰ ਰੰਧਾਵਾ ਰੱਖ ਲਿਆ ਹੈ।
► ਮੈਂ ਦਲਜੀਤ ਸਿੰਘ ਪੁੱਤਰ ਗੁਰਨਾਮ ਸਿੰਘ ਵਾਸੀ ਪਿੰਡ ਡੱਲੇਕੇ ਨੇ ਆਪਣੇ ਨਾਬਾਲਗ ਪੁੱਤਰ ਦਾ ਨਾਮ ਬਦਲ ਲਿਆ ਹੈ। ਸਬੰਧਤ ਨੋਟ ਕਰਨ।
► ਮੈਂ ਹਰਪ੍ਰੀਤ ਕੌਰ ਪੁੱਤਰੀ ਗੁਰਚਰਨ ਸਿੰਘ ਵਾਸੀ ਫਿਰੋਜ਼ਪੁਰ ਨੇ ਆਪਣਾ ਨਾਮ ਬਦਲ ਕੇ ਹਰਪ੍ਰੀਤ ਕੌਰ ਢਿੱਲੋਂ ਰੱਖ ਲਿਆ ਹੈ।
► ਮੈਂ ਸੁਖਵਿੰਦਰ ਸਿੰਘ ਪੁੱਤਰ ਜਸਵੰਤ ਸਿੰਘ ਵਾਸੀ ਲੁਧਿਆਣਾ ਨੇ ਆਪਣਾ ਨਾਮ ਬਦਲ ਕੇ ਸੁਖਵਿੰਦਰ ਸਿੰਘ ਗਿੱਲ ਰੱਖ ਲਿਆ ਹੈ।
ਬੇਦਖਲੀ ਨੋਟਿਸ
► ਮੈਂ ਗੁਰਮੇਜ ਸਿੰਘ ਪੁੱਤਰ ਹਜ਼ਾਰਾ ਸਿੰਘ ਵਾਸੀ ਮਕਾਨ ਨੰਬਰ 35 ਆਪਣੇ ਪੁੱਤਰ ਨੂੰ ਉਸਦੇ ਮਾੜੇ ਵਿਵਹਾਰ ਕਾਰਨ ਆਪਣੀ ਜਾਇਦਾਦ ਤੋਂ ਬੇਦਖਲ ਕਰਦਾ ਹਾਂ।
► ਮੈਂ ਬਲਵਿੰਦਰ ਕੌਰ ਪਤਨੀ ਸਵਰਗੀ ਸਵਰਨ ਸਿੰਘ ਵਾਸੀ ਪਿੰਡ ਰਈਆ ਆਪਣੇ ਪੁੱਤਰ ਅਤੇ ਨੂੰਹ ਨੂੰ ਬੇਦਖਲ ਕਰਦੀ ਹਾਂ। ਸਬੰਧਤ ਨੋਟ ਕਰਨ।
► ਮੈਂ ਸੁਖਦੇਵ ਸਿੰਘ ਪੁੱਤਰ ਜੋਗਿੰਦਰ ਸਿੰਘ ਵਾਸੀ ਜੰਡਿਆਲਾ ਗੁਰੂ ਆਪਣੇ ਪੁੱਤਰ ਨੂੰ ਜਾਇਦਾਦ ਤੋਂ ਬੇਦਖਲ ਕਰਦਾ ਹਾਂ।
CHANGE OF NAME
► I, Gaganjot Singh S/o Resham Singh R/o VPO. Ajram, Tehsil & Distt. Hoshiarpur, Punjab-146111 have changed my name from Gaganjot Singh to Gaganjot Singh Heera. Concerned Note.
► I Shingara Ram S/O Bishan Dass R/O Village Khalwara, Tehsil Phagwara, District Kapurthala Declare That I Am Known By Two Names i.e. Shingara Ram & Shangara Ram.
► I Veena W/o Nirmal Singh R/o Mohalla Shah Sultan, Sultanpur Lodhi, Distt. Kapurthala have changed my Name from Veena to Veena Kumari. All concerned may please note.
► I, Gurpreet kaur Ludo D/o Chanan Singh Ludo V/o Chander Mohan R/o Tikhowal Mohalla, Tehsil Mukerian, Distt. Hoshiarpur, Pin Code 144211 Changed My Name Gurpreet Kaur Ludo To Gurpreet Kaur.
► I, Gurjit Kaur W/o Chanan Singh R/o Vill Ochpur, Po & Tehsil Tanda Urmar, Distt. Hoshiarpur, Pin Code 144204 Changed My Name From Gurjit Kaur to Gurjeet kaur.
ਬੇਦਖਲੀ ਰੱਦ
► ਮੈਂ ਰਛਪਾਲ ਸਿੰਘ ਪੁੱਤਰ ਨਿਰਮਲ ਸਿੰਘ ਵਾਸੀ ਸ਼ੀਸ਼ੋ, ਤਹਿਸੀਲ ਨਾਭਾ, ਜ਼ਿਲ੍ਹਾ ਪਟਿਆਲਾ ਨੇ ਆਪਣੇ ਪੁੱਤਰ ਗਗਨਦੀਪ ਸਿੰਘ ਨੂੰ ਜਾਇਦਾਦ ਤੋਂ ਬੇਦਖਲ ਕੀਤਾ ਸੀ (ਮਿਤੀ 07/02/2017) ਜੋ ਹੁਣ ਰੱਦ ਕਰਦਾ ਹਾਂ।
PUBLIC NOTICE
► It is for general information that I, Kundan Singh Viatt S/o Bikram Singh Bisht, R/o Vill Kurmanchal Colony, Digree college road, PO Khatima, Distt. US Nagar, declare that name of mine has been wrongly written as Kundan Singh in my minor son named Daksh Bisht, aged 11 years in his 10th class educational documents. The actual name of mine is Kundan Singh Viatt respectively, which may be amended accordingly.
ਨਿਲਾਮੀ
► ਮੈਂ ਦੀਪਕ ਪ੍ਰਕਾਸ਼ ਅਰੋੜਾ ਪ੍ਰਬੰਧਕ ਕਮੇਟੀ ਵੱਲੋਂ ਸੂਚਿਤ ਕੀਤਾ ਜਾਂਦਾ ਹੈ ਕਿ ਗਿਰਵੀ ਰੱਖੇ ਗਏ ਗਹਿਣਿਆਂ ਦੀ ਨਿਲਾਮੀ ਮਿਤੀ 10 ਸਤੰਬਰ 2025 ਨੂੰ ਕੀਤੀ ਜਾਵੇਗੀ। ਸੰਪਰਕ: 98550-00642
ਪੰਜਾਬ ਦੀ ਨੰਬਰ ਵੰਨ ਅਖ਼ਬਾਰ ਵਿੱਚ ਲਈ ਸੰਪਰਕ ਕਰੋ
ਪਬਲਿਕ ਨੋਟਿਸ
► ਮੈਂ ਜਸਵੀਰ ਸਿੰਘ ਪੁੱਤਰ ਜਗਤਾਰ ਸਿੰਘ ਵਾਸੀ ਪਿੰਡ ਮਾਨਸਾ ਦੀ ਮਾਤਾ ਦਾ ਰਾਸ਼ਨ ਕਾਰਡ ਗੁੰਮ ਹੋ ਗਿਆ ਹੈ। ਜੇ ਕਿਸੇ ਨੂੰ ਮਿਲੇ ਤਾਂ ਵਾਪਸ ਕਰਨ ਦੀ ਕਿਰਪਾਲਤਾ ਕਰਨ।
ਬੇਦਖਲੀ ਨੋਟਿਸ
► ਅਸੀਂ ਰਣਜੀਤ ਕੌਰ ਪਤਨੀ ਸਵਰਗਵਾਸੀ ਦਿਲਬਾਗ ਸਿੰਘ ਵਾਸੀ ਮਕਾਨ ਨੰਬਰ 275 ਜਲੰਧਰ ਆਪਣੇ ਪੁੱਤਰ ਨੂੰ ਉਸਦੇ ਮਾੜੇ ਵਿਵਹਾਰ ਕਾਰਨ ਜਾਇਦਾਦ ਤੋਂ ਬੇਦਖਲ ਕਰਦੀ ਹਾਂ।
► ਮੈਂ ਜਸਵੰਤ ਸਿੰਘ ਪੁੱਤਰ ਅਮਰ ਸਿੰਘ ਵਾਸੀ ਪਿੰਡ ਸਰਾਏ ਨੇ ਆਪਣੇ ਪੁੱਤਰ ਅਤੇ ਨੂੰਹ ਨੂੰ ਆਪਣੀ ਚੱਲ ਅਤੇ ਅਚੱਲ ਜਾਇਦਾਦ ਤੋਂ ਬੇਦਖਲ ਕਰ ਦਿੱਤਾ ਹੈ।
► ਮੈਂ ਕਰਮਜੀਤ ਸਿੰਘ ਪੁੱਤਰ ਗੁਰਬਖਸ਼ ਸਿੰਘ ਵਾਸੀ ਪਿੰਡ ਤਲਵੰਡੀ ਆਪਣੇ ਪੁੱਤਰ ਨੂੰ ਬੇਦਖਲ ਕਰਦਾ ਹਾਂ। ਸਬੰਧਤ ਨੋਟ ਕਰਨ।
► ਮੈਂ ਸਰਬਜੀਤ ਕੌਰ ਪਤਨੀ ਹਰਭਜਨ ਸਿੰਘ ਵਾਸੀ ਅੰਮ੍ਰਿਤਸਰ ਆਪਣੀ ਪੁੱਤਰੀ ਅਤੇ ਜਵਾਈ ਨੂੰ ਜਾਇਦਾਦ ਤੋਂ ਬੇਦਖਲ ਕਰਦੀ ਹਾਂ।
► ਅਸੀਂ ਕੁਲਦੀਪ ਸਿੰਘ ਅਤੇ ਬਲਜੀਤ ਕੌਰ ਵਾਸੀ ਪਿੰਡ ਖਡੂਰ ਸਾਹਿਬ ਆਪਣੇ ਪੁੱਤਰ ਨੂੰ ਆਪਣੀ ਜਾਇਦਾਦ ਤੋਂ ਬੇਦਖਲ ਕਰਦੇ ਹਾਂ।
► ਮੈਂ ਅਵਤਾਰ ਸਿੰਘ ਪੁੱਤਰ ਸਵਰਗੀ ਕਰਤਾਰ ਸਿੰਘ ਵਾਸੀ ਬਟਾਲਾ ਆਪਣੇ ਪੁੱਤਰ ਨੂੰ ਜਾਇਦਾਦ ਤੋਂ ਬੇਦਖਲ ਕਰਦਾ ਹਾਂ।
► ਮੈਂ ਮਨਜੀਤ ਕੌਰ ਪਤਨੀ ਬਲਵੀਰ ਸਿੰਘ ਵਾਸੀ ਪਿੰਡ ਵੇਰਕਾ ਆਪਣੇ ਪੁੱਤਰ ਅਤੇ ਨੂੰਹ ਨੂੰ ਬੇਦਖਲ ਕਰਦੀ ਹਾਂ।
► ਮੈਂ ਹਰਜਿੰਦਰ ਸਿੰਘ ਪੁੱਤਰ ਮਹਿੰਦਰ ਸਿੰਘ ਵਾਸੀ ਪਿੰਡ ਜੈਂਤੀਪੁਰ ਆਪਣੇ ਪੁੱਤਰ ਨੂੰ ਜਾਇਦਾਦ ਤੋਂ ਬੇਦਖਲ ਕਰਦਾ ਹਾਂ।
► ਮੈਂ ਬਲਦੇਵ ਸਿੰਘ ਪੁੱਤਰ ਨਾਜਰ ਸਿੰਘ ਵਾਸੀ ਤਰਨ ਤਾਰਨ ਆਪਣੇ ਪੁੱਤਰ ਨੂੰ ਬੇਦਖਲ ਕਰਦਾ ਹਾਂ। ਸਬੰਧਤ ਨੋਟ ਕਰਨ।
► ਮੈਂ ਸੁਰਿੰਦਰ ਕੌਰ ਪਤਨੀ ਗੁਰਮੁਖ ਸਿੰਘ ਵਾਸੀ ਪਿੰਡ ਮਜੀਠਾ ਆਪਣੇ ਪੁੱਤਰ ਨੂੰ ਜਾਇਦਾਦ ਤੋਂ ਬੇਦਖਲ ਕਰਦੀ ਹਾਂ।
► ਮੈਂ ਗੁਰਬਚਨ ਸਿੰਘ ਪੁੱਤਰ ਸੁੰਦਰ ਸਿੰਘ ਵਾਸੀ ਅਜਨਾਲਾ ਆਪਣੇ ਪੁੱਤਰ ਨੂੰ ਬੇਦਖਲ ਕਰਦਾ ਹਾਂ।
► ਮੈਂ ਪਰਮਜੀਤ ਸਿੰਘ ਪੁੱਤਰ ਦਰਸ਼ਨ ਸਿੰਘ ਵਾਸੀ ਪਿੰਡ ਰਾਮਦਾਸ ਆਪਣੇ ਪੁੱਤਰ ਅਤੇ ਨੂੰਹ ਨੂੰ ਜਾਇਦਾਦ ਤੋਂ ਬੇਦਖਲ ਕਰਦਾ ਹਾਂ।
ਪਬਲਿਕ ਨੋਟਿਸ
► ਮੈਂ ਜਸਪਾਲ ਸਿੰਘ ਪੁੱਤਰ ਰਾਮ ਸਿੰਘ ਵਾਸੀ ਪਿੰਡ ਕੋਟਲੀ ਦੀ ਜ਼ਮੀਨ ਦੀ ਰਜਿਸਟਰੀ ਗੁੰਮ ਹੋ ਗਈ ਹੈ। ਮਿਲਣ 'ਤੇ ਸੰਪਰਕ ਕਰੋ।
ਇਸ਼ਤਿਹਾਰਾਂ ਲਈ ਸਾਡਾ ਸੰਪਰਕ ਨੰ: ਕੋਟ ਧਰਮ ਚੰਦ ਕਲਾਂ
